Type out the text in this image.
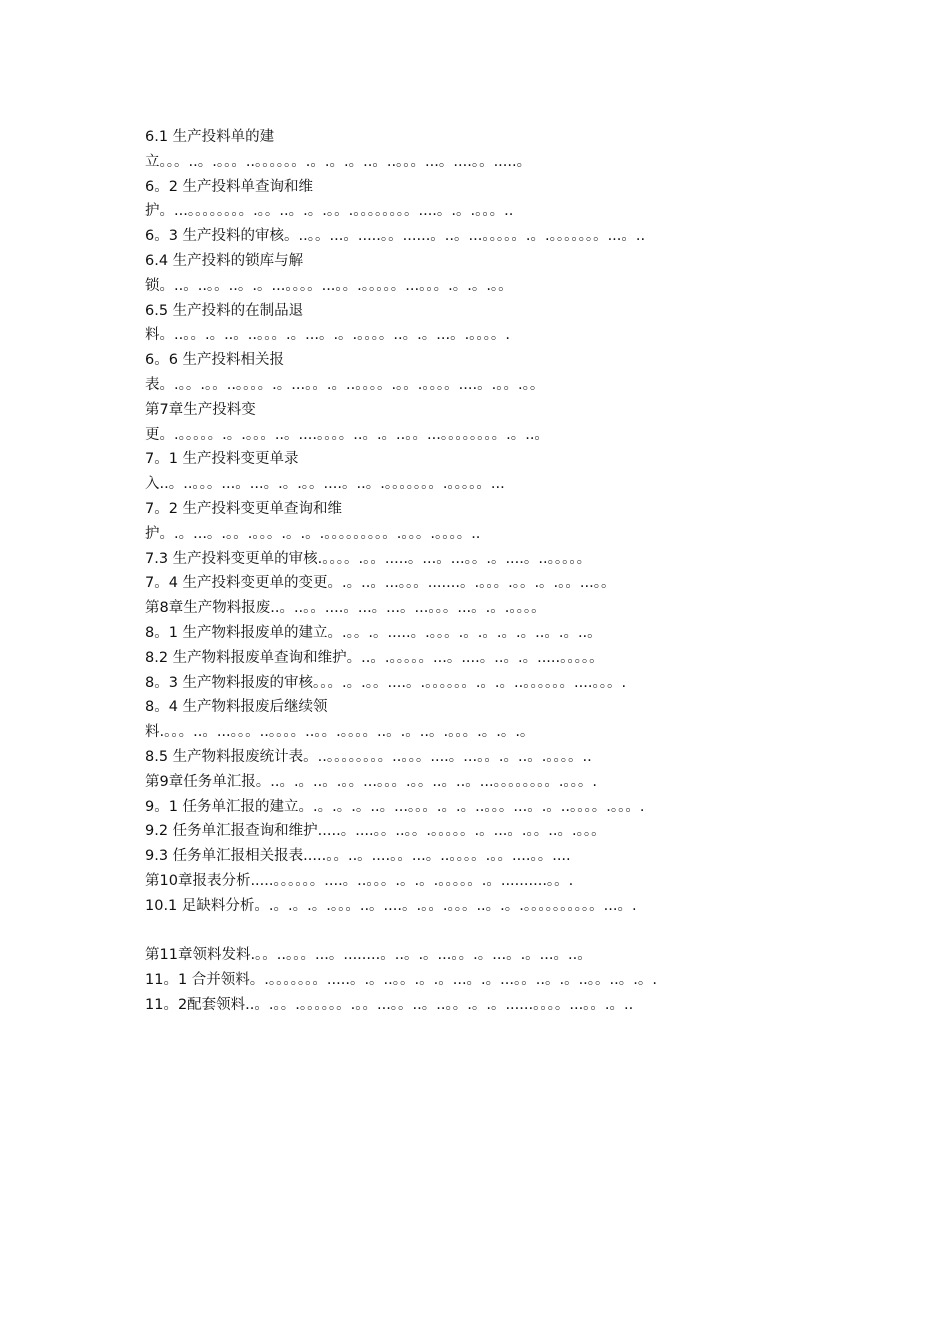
6.1 生产投料单的建
立。。。..。.。。。..。。。。。。.。.。.。..。..。。。...。....。。.....。
6。2 生产投料单查询和维
护。...。。。。。。。。.。。..。.。.。。.。。。。。。。。....。.。.。。。..
6。3 生产投料的审核。..。。...。.....。。......。..。...。。。。。.。.。。。。。。。...。..
6.4 生产投料的锁库与解
锁。..。..。。..。.。...。。。。...。。.。。。。。...。。。.。.。.。。
6.5 生产投料的在制品退
料。..。。.。..。..。。。.。...。.。.。。。。..。.。...。.。。。。.
6。6 生产投料相关报
表。.。。.。。..。。。。.。...。。.。..。。。。.。。.。。。。....。.。。.。。
第7章生产投料变
更。.。。。。。.。.。。。..。....。。。。..。.。..。。...。。。。。。。。.。..。
7。1 生产投料变更单录
入..。..。。。...。...。.。.。。....。..。.。。。。。。。.。。。。。...
7。2 生产投料变更单查询和维
护。.。...。.。。.。。。.。.。.。。。。。。。。。.。。。.。。。。..
7.3 生产投料变更单的审核.。。。。.。。.....。...。...。。.。....。..。。。。。
7。4 生产投料变更单的变更。.。..。...。。。.......。.。。。.。。.。.。。...。。
第8章生产物料报废..。..。。....。...。...。...。。。...。.。.。。。。
8。1 生产物料报废单的建立。.。。.。.....。.。。。.。.。.。.。..。.。..。
8.2 生产物料报废单查询和维护。..。.。。。。。...。....。..。.。.....。。。。。
8。3 生产物料报废的审核。。。.。.。。....。.。。。。。。.。.。..。。。。。。....。。。.
8。4 生产物料报废后继续领
料.。。。..。...。。。..。。。。..。。.。。。。..。.。..。.。。。.。.。.。
8.5 生产物料报废统计表。..。。。。。。。。..。。。....。...。。.。..。.。。。。..
第9章任务单汇报。..。.。..。.。。...。。。.。。..。..。...。。。。。。。。.。。。.
9。1 任务单汇报的建立。.。.。.。..。...。。。.。.。..。。。...。.。..。。。。.。。。.
9.2 任务单汇报查询和维护.....。....。。..。。.。。。。。.。...。.。。..。.。。。
9.3 任务单汇报相关报表.....。。..。....。。...。..。。。。.。。....。。....
第10章报表分析.....。。。。。。....。..。。。.。.。.。。。。。.。..........。。.
10.1 足缺料分析。.。.。.。.。。。..。....。.。。.。。。..。.。.。。。。。。。。。。...。.
第11章领料发料.。。..。。。...。........。..。.。...。。.。...。.。...。..。
11。1 合并领料。.。。。。。。。.....。.。..。。.。.。...。.。...。。..。.。..。。..。.。.
11。2配套领料..。.。。.。。。。。。.。。...。。..。..。。.。.。......。。。。...。。.。..
